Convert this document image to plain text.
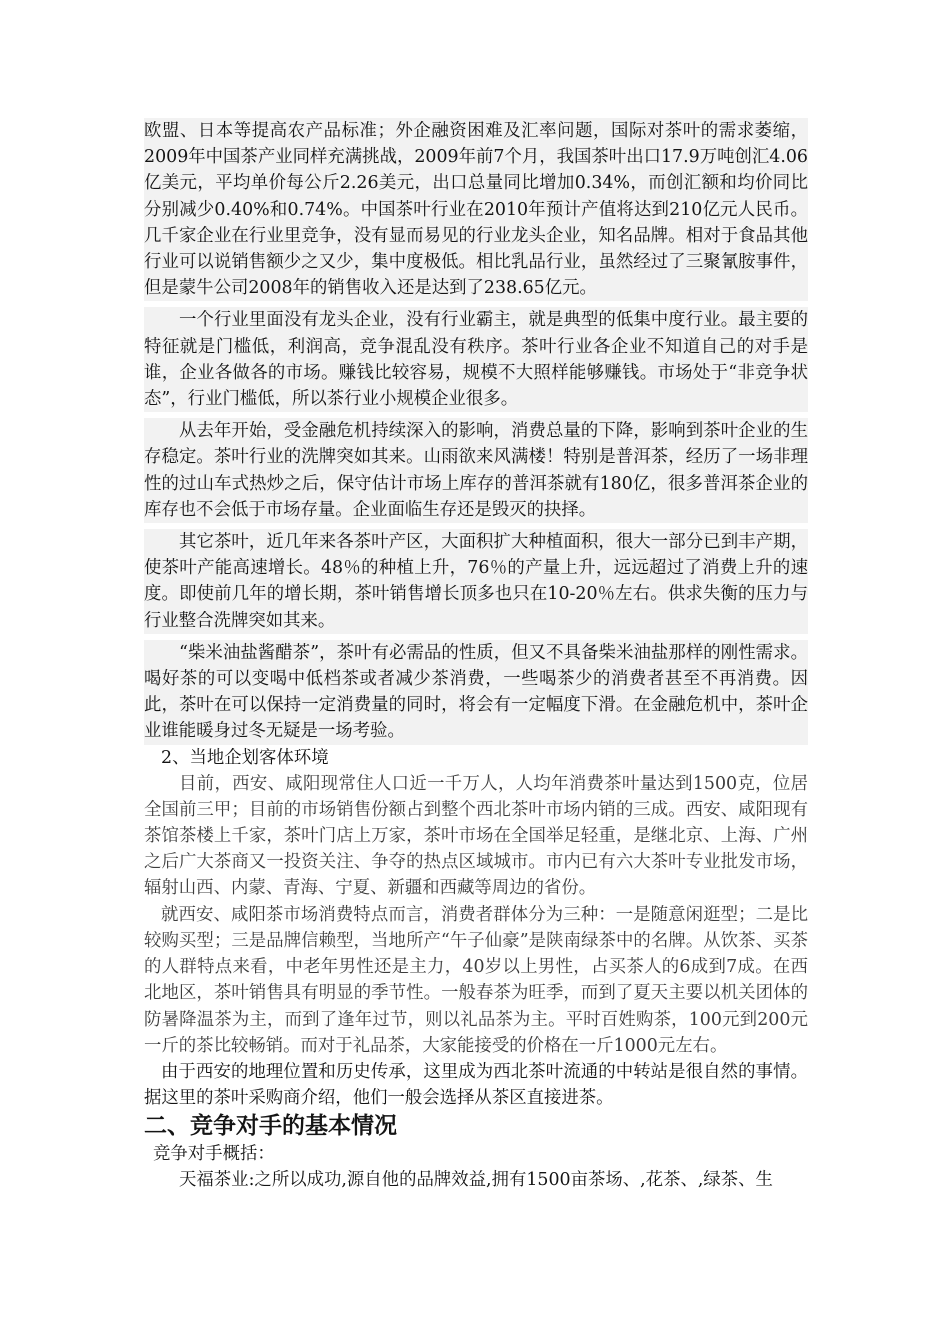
欧盟、日本等提高农产品标准；外企融资困难及汇率问题，国际对茶叶的需求萎缩，2009年中国茶产业同样充满挑战，2009年前7个月，我国茶叶出口17.9万吨创汇4.06亿美元，平均单价每公斤2.26美元，出口总量同比增加0.34%，而创汇额和均价同比分别减少0.40%和0.74%。中国茶叶行业在2010年预计产值将达到210亿元人民币。几千家企业在行业里竞争，没有显而易见的行业龙头企业，知名品牌。相对于食品其他行业可以说销售额少之又少，集中度极低。相比乳品行业，虽然经过了三聚氰胺事件，但是蒙牛公司2008年的销售收入还是达到了238.65亿元。

一个行业里面没有龙头企业，没有行业霸主，就是典型的低集中度行业。最主要的特征就是门槛低，利润高，竞争混乱没有秩序。茶叶行业各企业不知道自己的对手是谁，企业各做各的市场。赚钱比较容易，规模不大照样能够赚钱。市场处于“非竞争状态”，行业门槛低，所以茶行业小规模企业很多。

从去年开始，受金融危机持续深入的影响，消费总量的下降，影响到茶叶企业的生存稳定。茶叶行业的洗牌突如其来。山雨欲来风满楼！特别是普洱茶，经历了一场非理性的过山车式热炒之后，保守估计市场上库存的普洱茶就有180亿，很多普洱茶企业的库存也不会低于市场存量。企业面临生存还是毁灭的抉择。

其它茶叶，近几年来各茶叶产区，大面积扩大种植面积，很大一部分已到丰产期，使茶叶产能高速增长。48％的种植上升，76％的产量上升，远远超过了消费上升的速度。即使前几年的增长期，茶叶销售增长顶多也只在10-20％左右。供求失衡的压力与行业整合洗牌突如其来。

“柴米油盐酱醋茶”，茶叶有必需品的性质，但又不具备柴米油盐那样的刚性需求。喝好茶的可以变喝中低档茶或者减少茶消费，一些喝茶少的消费者甚至不再消费。因此，茶叶在可以保持一定消费量的同时，将会有一定幅度下滑。在金融危机中，茶叶企业谁能暖身过冬无疑是一场考验。

2、当地企划客体环境

目前，西安、咸阳现常住人口近一千万人，人均年消费茶叶量达到1500克，位居全国前三甲；目前的市场销售份额占到整个西北茶叶市场内销的三成。西安、咸阳现有茶馆茶楼上千家，茶叶门店上万家，茶叶市场在全国举足轻重，是继北京、上海、广州之后广大茶商又一投资关注、争夺的热点区域城市。市内已有六大茶叶专业批发市场，辐射山西、内蒙、青海、宁夏、新疆和西藏等周边的省份。

就西安、咸阳茶市场消费特点而言，消费者群体分为三种：一是随意闲逛型；二是比较购买型；三是品牌信赖型，当地所产“午子仙豪”是陕南绿茶中的名牌。从饮茶、买茶的人群特点来看，中老年男性还是主力，40岁以上男性，占买茶人的6成到7成。在西北地区，茶叶销售具有明显的季节性。一般春茶为旺季，而到了夏天主要以机关团体的防暑降温茶为主，而到了逢年过节，则以礼品茶为主。平时百姓购茶，100元到200元一斤的茶比较畅销。而对于礼品茶，大家能接受的价格在一斤1000元左右。

由于西安的地理位置和历史传承，这里成为西北茶叶流通的中转站是很自然的事情。据这里的茶叶采购商介绍，他们一般会选择从茶区直接进茶。

二、竞争对手的基本情况

竞争对手概括：

天福茶业:之所以成功,源自他的品牌效益,拥有1500亩茶场、,花茶、,绿茶、生
